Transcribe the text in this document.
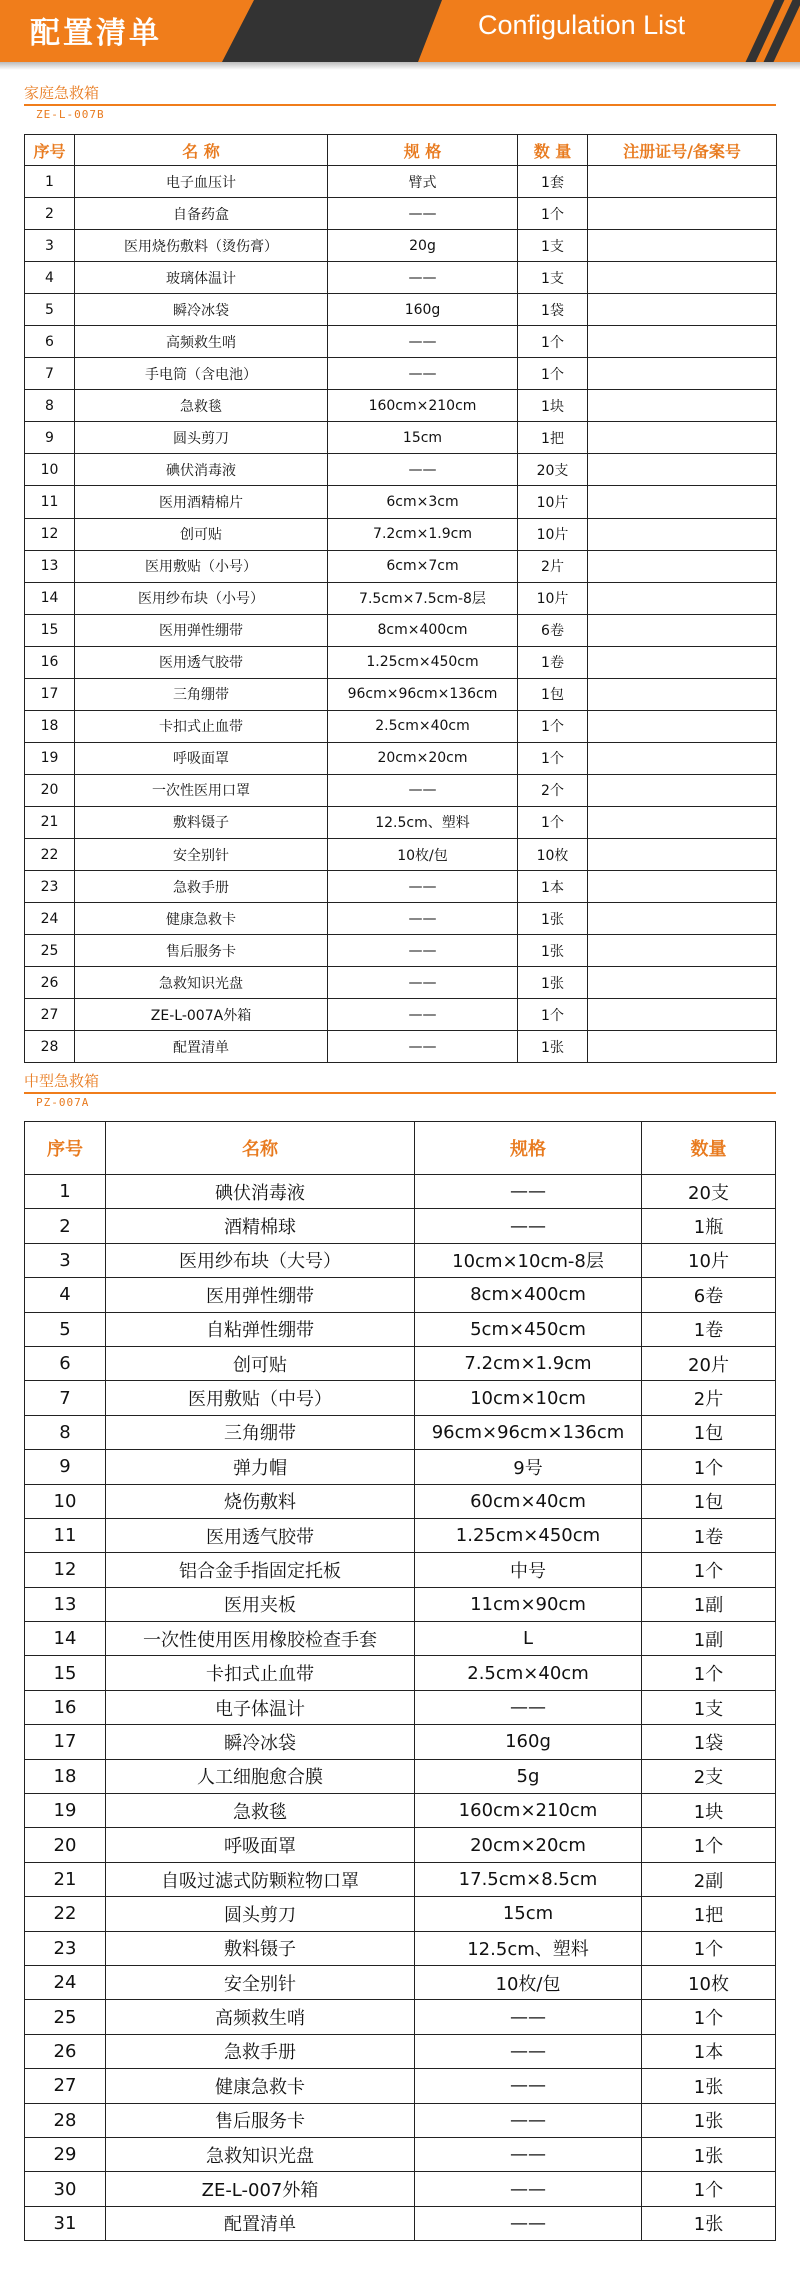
配置清单	Configulation List
家庭急救箱
ZE-L-007B
序号	名 称	规 格	数 量	注册证号/备案号
1	电子血压计	臂式	1套	
2	自备药盒	——	1个	
3	医用烧伤敷料（烫伤膏）	20g	1支	
4	玻璃体温计	——	1支	
5	瞬冷冰袋	160g	1袋	
6	高频救生哨	——	1个	
7	手电筒（含电池）	——	1个	
8	急救毯	160cm×210cm	1块	
9	圆头剪刀	15cm	1把	
10	碘伏消毒液	——	20支	
11	医用酒精棉片	6cm×3cm	10片	
12	创可贴	7.2cm×1.9cm	10片	
13	医用敷贴（小号）	6cm×7cm	2片	
14	医用纱布块（小号）	7.5cm×7.5cm-8层	10片	
15	医用弹性绷带	8cm×400cm	6卷	
16	医用透气胶带	1.25cm×450cm	1卷	
17	三角绷带	96cm×96cm×136cm	1包	
18	卡扣式止血带	2.5cm×40cm	1个	
19	呼吸面罩	20cm×20cm	1个	
20	一次性医用口罩	——	2个	
21	敷料镊子	12.5cm、塑料	1个	
22	安全别针	10枚/包	10枚	
23	急救手册	——	1本	
24	健康急救卡	——	1张	
25	售后服务卡	——	1张	
26	急救知识光盘	——	1张	
27	ZE-L-007A外箱	——	1个	
28	配置清单	——	1张	
中型急救箱
PZ-007A
序号	名称	规格	数量
1	碘伏消毒液	——	20支
2	酒精棉球	——	1瓶
3	医用纱布块（大号）	10cm×10cm-8层	10片
4	医用弹性绷带	8cm×400cm	6卷
5	自粘弹性绷带	5cm×450cm	1卷
6	创可贴	7.2cm×1.9cm	20片
7	医用敷贴（中号）	10cm×10cm	2片
8	三角绷带	96cm×96cm×136cm	1包
9	弹力帽	9号	1个
10	烧伤敷料	60cm×40cm	1包
11	医用透气胶带	1.25cm×450cm	1卷
12	铝合金手指固定托板	中号	1个
13	医用夹板	11cm×90cm	1副
14	一次性使用医用橡胶检查手套	L	1副
15	卡扣式止血带	2.5cm×40cm	1个
16	电子体温计	——	1支
17	瞬冷冰袋	160g	1袋
18	人工细胞愈合膜	5g	2支
19	急救毯	160cm×210cm	1块
20	呼吸面罩	20cm×20cm	1个
21	自吸过滤式防颗粒物口罩	17.5cm×8.5cm	2副
22	圆头剪刀	15cm	1把
23	敷料镊子	12.5cm、塑料	1个
24	安全别针	10枚/包	10枚
25	高频救生哨	——	1个
26	急救手册	——	1本
27	健康急救卡	——	1张
28	售后服务卡	——	1张
29	急救知识光盘	——	1张
30	ZE-L-007外箱	——	1个
31	配置清单	——	1张
